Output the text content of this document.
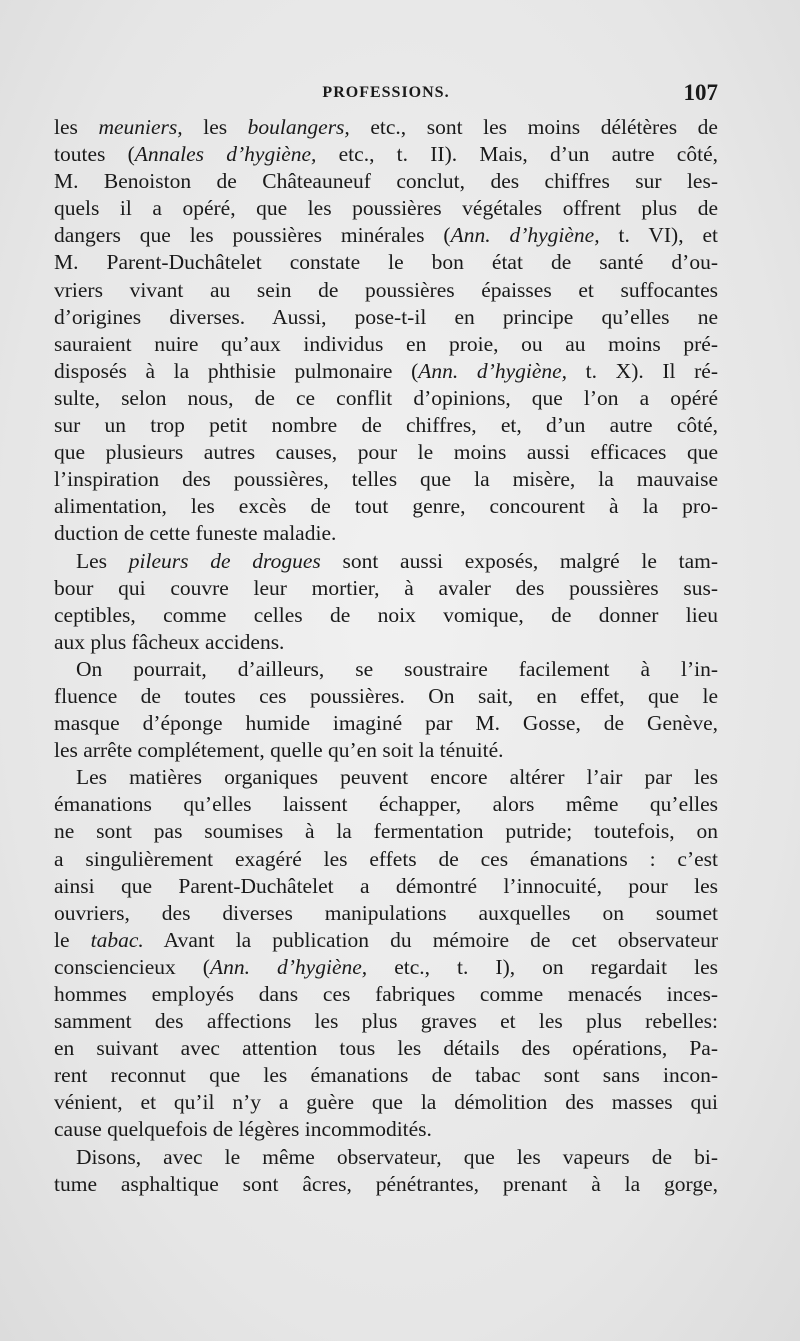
PROFESSIONS.	107
les meuniers, les boulangers, etc., sont les moins délétères de
toutes (Annales d’hygiène, etc., t. II). Mais, d’un autre côté,
M. Benoiston de Châteauneuf conclut, des chiffres sur les-
quels il a opéré, que les poussières végétales offrent plus de
dangers que les poussières minérales (Ann. d’hygiène, t. VI), et
M. Parent-Duchâtelet constate le bon état de santé d’ou-
vriers vivant au sein de poussières épaisses et suffocantes
d’origines diverses. Aussi, pose-t-il en principe qu’elles ne
sauraient nuire qu’aux individus en proie, ou au moins pré-
disposés à la phthisie pulmonaire (Ann. d’hygiène, t. X). Il ré-
sulte, selon nous, de ce conflit d’opinions, que l’on a opéré
sur un trop petit nombre de chiffres, et, d’un autre côté,
que plusieurs autres causes, pour le moins aussi efficaces que
l’inspiration des poussières, telles que la misère, la mauvaise
alimentation, les excès de tout genre, concourent à la pro-
duction de cette funeste maladie.
Les pileurs de drogues sont aussi exposés, malgré le tam-
bour qui couvre leur mortier, à avaler des poussières sus-
ceptibles, comme celles de noix vomique, de donner lieu
aux plus fâcheux accidens.
On pourrait, d’ailleurs, se soustraire facilement à l’in-
fluence de toutes ces poussières. On sait, en effet, que le
masque d’éponge humide imaginé par M. Gosse, de Genève,
les arrête complétement, quelle qu’en soit la ténuité.
Les matières organiques peuvent encore altérer l’air par les
émanations qu’elles laissent échapper, alors même qu’elles
ne sont pas soumises à la fermentation putride; toutefois, on
a singulièrement exagéré les effets de ces émanations : c’est
ainsi que Parent-Duchâtelet a démontré l’innocuité, pour les
ouvriers, des diverses manipulations auxquelles on soumet
le tabac. Avant la publication du mémoire de cet observateur
consciencieux (Ann. d’hygiène, etc., t. I), on regardait les
hommes employés dans ces fabriques comme menacés inces-
samment des affections les plus graves et les plus rebelles:
en suivant avec attention tous les détails des opérations, Pa-
rent reconnut que les émanations de tabac sont sans incon-
vénient, et qu’il n’y a guère que la démolition des masses qui
cause quelquefois de légères incommodités.
Disons, avec le même observateur, que les vapeurs de bi-
tume asphaltique sont âcres, pénétrantes, prenant à la gorge,
